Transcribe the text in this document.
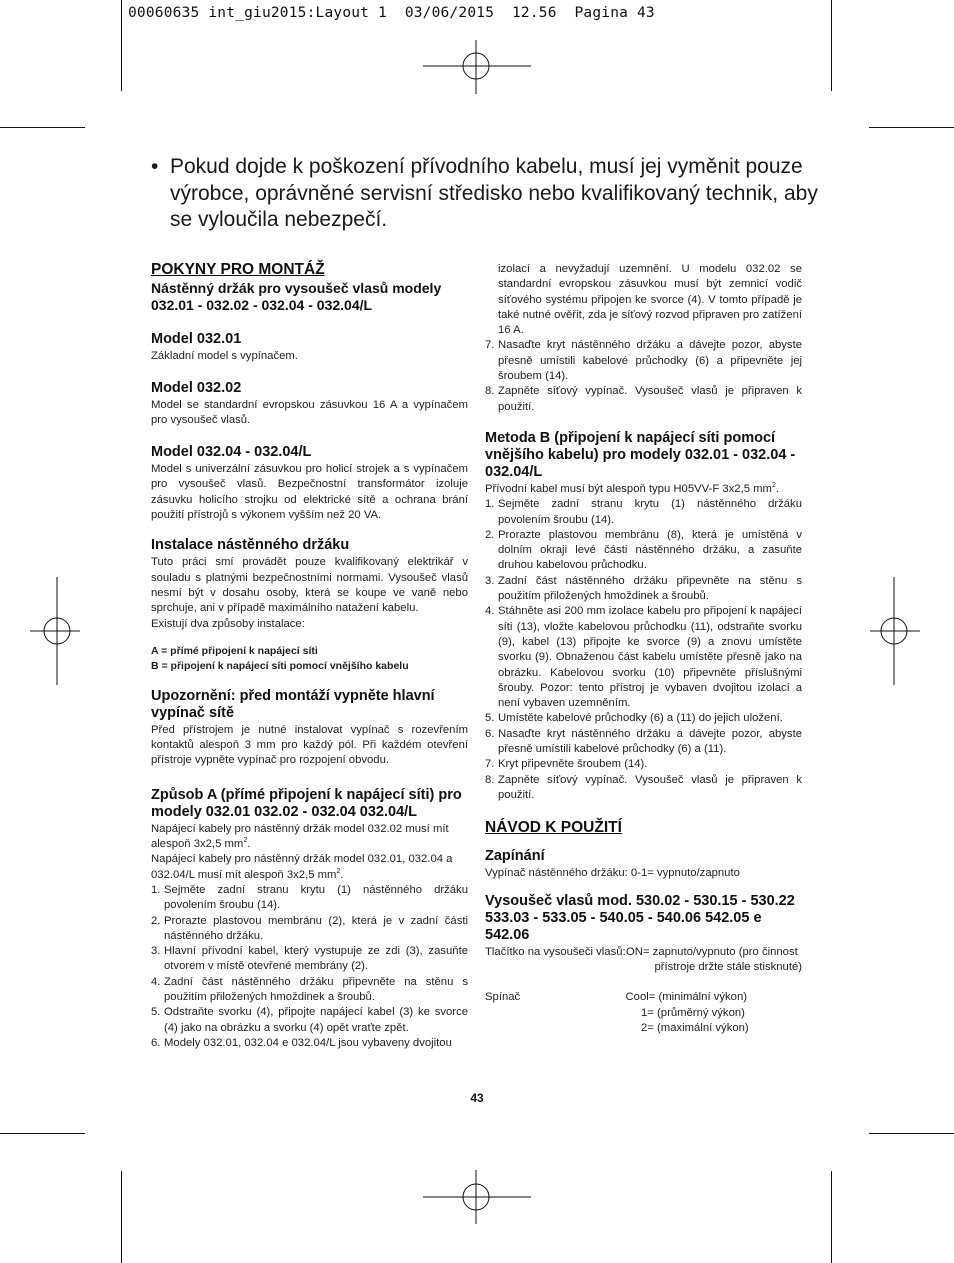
00060635 int_giu2015:Layout 1  03/06/2015  12.56  Pagina 43
• Pokud dojde k poškození přívodního kabelu, musí jej vyměnit pouze výrobce, oprávněné servisní středisko nebo kvalifikovaný technik, aby se vyloučila nebezpečí.
POKYNY PRO MONTÁŽ
Nástěnný držák pro vysoušeč vlasů modely 032.01 - 032.02 - 032.04 - 032.04/L
Model 032.01
Základní model s vypínačem.
Model 032.02
Model se standardní evropskou zásuvkou 16 A a vypínačem pro vysoušeč vlasů.
Model 032.04 - 032.04/L
Model s univerzální zásuvkou pro holicí strojek a s vypínačem pro vysoušeč vlasů. Bezpečnostní transformátor izoluje zásuvku holicího strojku od elektrické sítě a ochrana brání použití přístrojů s výkonem vyšším než 20 VA.
Instalace nástěnného držáku
Tuto práci smí provádět pouze kvalifikovaný elektrikář v souladu s platnými bezpečnostními normami. Vysoušeč vlasů nesmí být v dosahu osoby, která se koupe ve vaně nebo sprchuje, ani v případě maximálního natažení kabelu.
Existují dva způsoby instalace:
A = přímé připojení k napájecí síti
B = připojení k napájecí síti pomocí vnějšího kabelu
Upozornění: před montáží vypněte hlavní vypínač sítě
Před přístrojem je nutné instalovat vypínač s rozevřením kontaktů alespoň 3 mm pro každý pól. Při každém otevření přístroje vypněte vypínač pro rozpojení obvodu.
Způsob A (přímé připojení k napájecí síti) pro modely 032.01 032.02 - 032.04 032.04/L
Napájecí kabely pro nástěnný držák model 032.02 musí mít alespoň 3x2,5 $mm^2$.
Napájecí kabely pro nástěnný držák model 032.01, 032.04 a 032.04/L musí mít alespoň 3x2,5 $mm^2$.
1. Sejměte zadní stranu krytu (1) nástěnného držáku povolením šroubu (14).
2. Prorazte plastovou membránu (2), která je v zadní části nástěnného držáku.
3. Hlavní přívodní kabel, který vystupuje ze zdi (3), zasuňte otvorem v místě otevřené membrány (2).
4. Zadní část nástěnného držáku připevněte na stěnu s použitím přiložených hmoždinek a šroubů.
5. Odstraňte svorku (4), připojte napájecí kabel (3) ke svorce (4) jako na obrázku a svorku (4) opět vraťte zpět.
6. Modely 032.01, 032.04 e 032.04/L jsou vybaveny dvojitou
izolací a nevyžadují uzemnění. U modelu 032.02 se standardní evropskou zásuvkou musí být zemnicí vodič síťového systému připojen ke svorce (4). V tomto případě je také nutné ověřit, zda je síťový rozvod připraven pro zatížení 16 A.
7. Nasaďte kryt nástěnného držáku a dávejte pozor, abyste přesně umístili kabelové průchodky (6) a připevněte jej šroubem (14).
8. Zapněte síťový vypínač. Vysoušeč vlasů je připraven k použití.
Metoda B (připojení k napájecí síti pomocí vnějšího kabelu) pro modely 032.01 - 032.04 - 032.04/L
Přívodní kabel musí být alespoň typu H05VV-F 3x2,5 $mm^2$.
1. Sejměte zadní stranu krytu (1) nástěnného držáku povolením šroubu (14).
2. Prorazte plastovou membránu (8), která je umístěná v dolním okraji levé části nástěnného držáku, a zasuňte druhou kabelovou průchodku.
3. Zadní část nástěnného držáku připevněte na stěnu s použitím přiložených hmoždinek a šroubů.
4. Stáhněte asi 200 mm izolace kabelu pro připojení k napájecí síti (13), vložte kabelovou průchodku (11), odstraňte svorku (9), kabel (13) připojte ke svorce (9) a znovu umístěte svorku (9). Obnaženou část kabelu umístěte přesně jako na obrázku. Kabelovou svorku (10) připevněte příslušnými šrouby. Pozor: tento přístroj je vybaven dvojitou izolací a není vybaven uzemněním.
5. Umístěte kabelové průchodky (6) a (11) do jejich uložení.
6. Nasaďte kryt nástěnného držáku a dávejte pozor, abyste přesně umístili kabelové průchodky (6) a (11).
7. Kryt připevněte šroubem (14).
8. Zapněte síťový vypínač. Vysoušeč vlasů je připraven k použití.
NÁVOD K POUŽITÍ
Zapínání
Vypínač nástěnného držáku: 0-1= vypnuto/zapnuto
Vysoušeč vlasů mod. 530.02 - 530.15 - 530.22 533.03 - 533.05 - 540.05 - 540.06 542.05 e 542.06
Tlačítko na vysoušeči vlasů: ON= zapnuto/vypnuto (pro činnost
přístroje držte stále stisknuté)
Spínač	Cool= (minimální výkon)
1= (průměrný výkon)
2= (maximální výkon)
43
